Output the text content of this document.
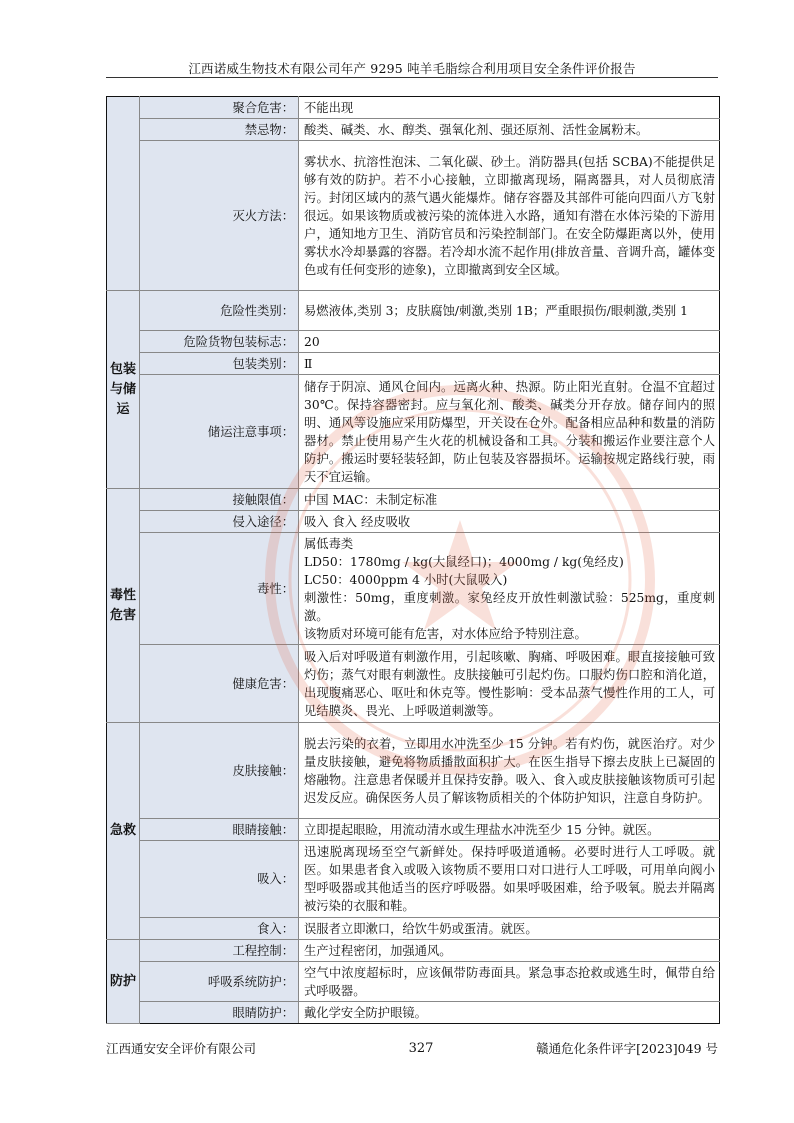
江西诺威生物技术有限公司年产 9295 吨羊毛脂综合利用项目安全条件评价报告
	聚合危害：	不能出现
	禁忌物：	酸类、碱类、水、醇类、强氧化剂、强还原剂、活性金属粉末。
	灭火方法：	雾状水、抗溶性泡沫、二氧化碳、砂土。消防器具(包括 SCBA)不能提供足够有效的防护。若不小心接触，立即撤离现场，隔离器具，对人员彻底清污。封闭区域内的蒸气遇火能爆炸。储存容器及其部件可能向四面八方飞射很远。如果该物质或被污染的流体进入水路，通知有潜在水体污染的下游用户，通知地方卫生、消防官员和污染控制部门。在安全防爆距离以外，使用雾状水冷却暴露的容器。若冷却水流不起作用(排放音量、音调升高，罐体变色或有任何变形的迹象)，立即撤离到安全区域。
包装与储运	危险性类别：	易燃液体,类别 3；皮肤腐蚀/刺激,类别 1B；严重眼损伤/眼刺激,类别 1
	危险货物包装标志：	20
	包装类别：	Ⅱ
	储运注意事项：	储存于阴凉、通风仓间内。远离火种、热源。防止阳光直射。仓温不宜超过 30℃。保持容器密封。应与氧化剂、酸类、碱类分开存放。储存间内的照明、通风等设施应采用防爆型，开关设在仓外。配备相应品种和数量的消防器材。禁止使用易产生火花的机械设备和工具。分装和搬运作业要注意个人防护。搬运时要轻装轻卸，防止包装及容器损坏。运输按规定路线行驶，雨天不宜运输。
毒性危害	接触限值：	中国 MAC：未制定标准
	侵入途径：	吸入 食入 经皮吸收
	毒性：	属低毒类
LD50：1780mg / kg(大鼠经口)；4000mg / kg(兔经皮)
LC50：4000ppm 4 小时(大鼠吸入)
刺激性：50mg，重度刺激。家兔经皮开放性刺激试验：525mg，重度刺激。
该物质对环境可能有危害，对水体应给予特别注意。
	健康危害：	吸入后对呼吸道有刺激作用，引起咳嗽、胸痛、呼吸困难。眼直接接触可致灼伤；蒸气对眼有刺激性。皮肤接触可引起灼伤。口服灼伤口腔和消化道，出现腹痛恶心、呕吐和休克等。慢性影响：受本品蒸气慢性作用的工人，可见结膜炎、畏光、上呼吸道刺激等。
急救	皮肤接触：	脱去污染的衣着，立即用水冲洗至少 15 分钟。若有灼伤，就医治疗。对少量皮肤接触，避免将物质播散面积扩大。在医生指导下擦去皮肤上已凝固的熔融物。注意患者保暖并且保持安静。吸入、食入或皮肤接触该物质可引起迟发反应。确保医务人员了解该物质相关的个体防护知识，注意自身防护。
	眼睛接触：	立即提起眼睑，用流动清水或生理盐水冲洗至少 15 分钟。就医。
	吸入：	迅速脱离现场至空气新鲜处。保持呼吸道通畅。必要时进行人工呼吸。就医。如果患者食入或吸入该物质不要用口对口进行人工呼吸，可用单向阀小型呼吸器或其他适当的医疗呼吸器。如果呼吸困难，给予吸氧。脱去并隔离被污染的衣服和鞋。
	食入：	误服者立即漱口，给饮牛奶或蛋清。就医。
防护	工程控制：	生产过程密闭，加强通风。
	呼吸系统防护：	空气中浓度超标时，应该佩带防毒面具。紧急事态抢救或逃生时，佩带自给式呼吸器。
	眼睛防护：	戴化学安全防护眼镜。
江西通安安全评价有限公司	327	赣通危化条件评字[2023]049 号
